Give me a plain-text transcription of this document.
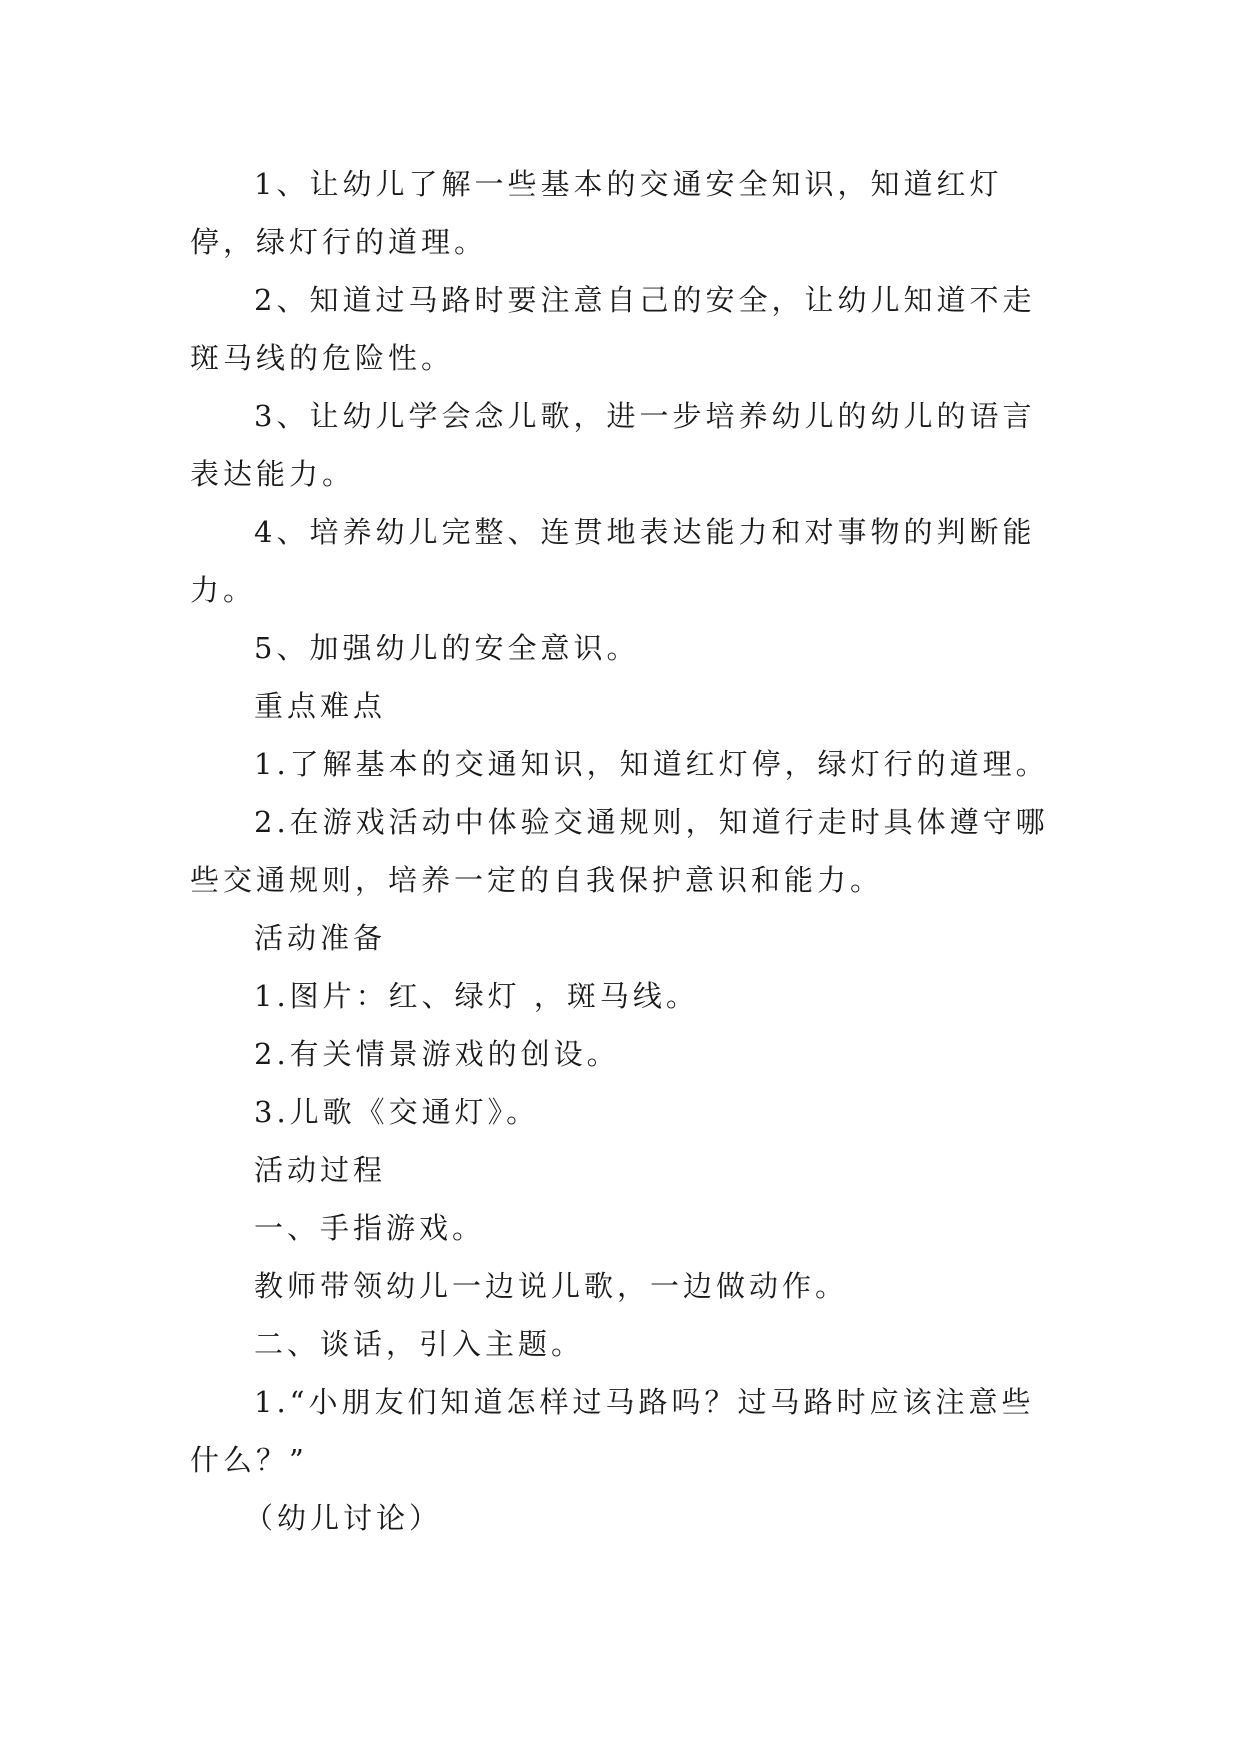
1、让幼儿了解一些基本的交通安全知识，知道红灯停，绿灯行的道理。

2、知道过马路时要注意自己的安全，让幼儿知道不走斑马线的危险性。

3、让幼儿学会念儿歌，进一步培养幼儿的幼儿的语言表达能力。

4、培养幼儿完整、连贯地表达能力和对事物的判断能力。

5、加强幼儿的安全意识。

重点难点

1.了解基本的交通知识，知道红灯停，绿灯行的道理。

2.在游戏活动中体验交通规则，知道行走时具体遵守哪些交通规则，培养一定的自我保护意识和能力。

活动准备

1.图片：红、绿灯 ，斑马线。

2.有关情景游戏的创设。

3.儿歌《交通灯》。

活动过程

一、手指游戏。

教师带领幼儿一边说儿歌，一边做动作。

二、谈话，引入主题。

1.“小朋友们知道怎样过马路吗？过马路时应该注意些什么？”

（幼儿讨论）
